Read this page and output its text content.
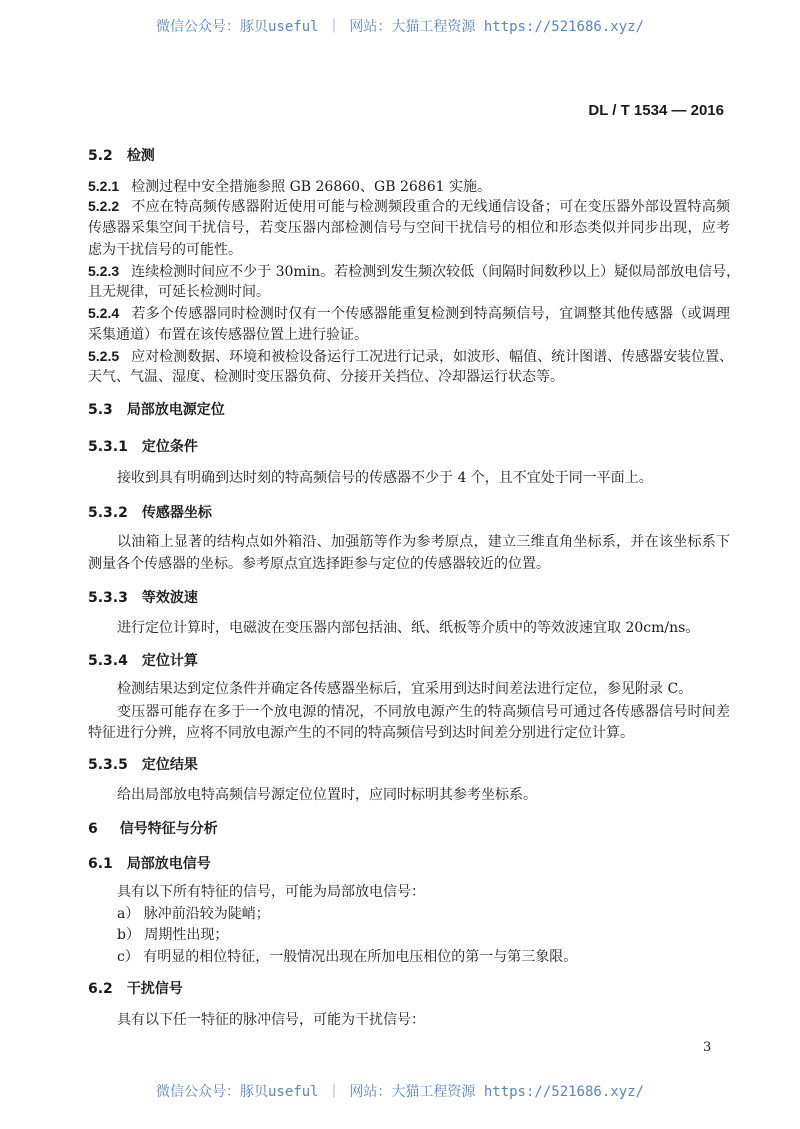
微信公众号：豚贝useful ｜ 网站：大猫工程资源 https://521686.xyz/
DL / T 1534 — 2016
5.2 检测
5.2.1 检测过程中安全措施参照 GB 26860、GB 26861 实施。
5.2.2 不应在特高频传感器附近使用可能与检测频段重合的无线通信设备；可在变压器外部设置特高频
传感器采集空间干扰信号，若变压器内部检测信号与空间干扰信号的相位和形态类似并同步出现，应考
虑为干扰信号的可能性。
5.2.3 连续检测时间应不少于 30min。若检测到发生频次较低（间隔时间数秒以上）疑似局部放电信号，
且无规律，可延长检测时间。
5.2.4 若多个传感器同时检测时仅有一个传感器能重复检测到特高频信号，宜调整其他传感器（或调理
采集通道）布置在该传感器位置上进行验证。
5.2.5 应对检测数据、环境和被检设备运行工况进行记录，如波形、幅值、统计图谱、传感器安装位置、
天气、气温、湿度、检测时变压器负荷、分接开关挡位、冷却器运行状态等。
5.3 局部放电源定位
5.3.1 定位条件
接收到具有明确到达时刻的特高频信号的传感器不少于 4 个，且不宜处于同一平面上。
5.3.2 传感器坐标
以油箱上显著的结构点如外箱沿、加强筋等作为参考原点，建立三维直角坐标系，并在该坐标系下
测量各个传感器的坐标。参考原点宜选择距参与定位的传感器较近的位置。
5.3.3 等效波速
进行定位计算时，电磁波在变压器内部包括油、纸、纸板等介质中的等效波速宜取 20cm/ns。
5.3.4 定位计算
检测结果达到定位条件并确定各传感器坐标后，宜采用到达时间差法进行定位，参见附录 C。
变压器可能存在多于一个放电源的情况，不同放电源产生的特高频信号可通过各传感器信号时间差
特征进行分辨，应将不同放电源产生的不同的特高频信号到达时间差分别进行定位计算。
5.3.5 定位结果
给出局部放电特高频信号源定位位置时，应同时标明其参考坐标系。
6 信号特征与分析
6.1 局部放电信号
具有以下所有特征的信号，可能为局部放电信号：
a） 脉冲前沿较为陡峭；
b） 周期性出现；
c） 有明显的相位特征，一般情况出现在所加电压相位的第一与第三象限。
6.2 干扰信号
具有以下任一特征的脉冲信号，可能为干扰信号：
3
微信公众号：豚贝useful ｜ 网站：大猫工程资源 https://521686.xyz/
